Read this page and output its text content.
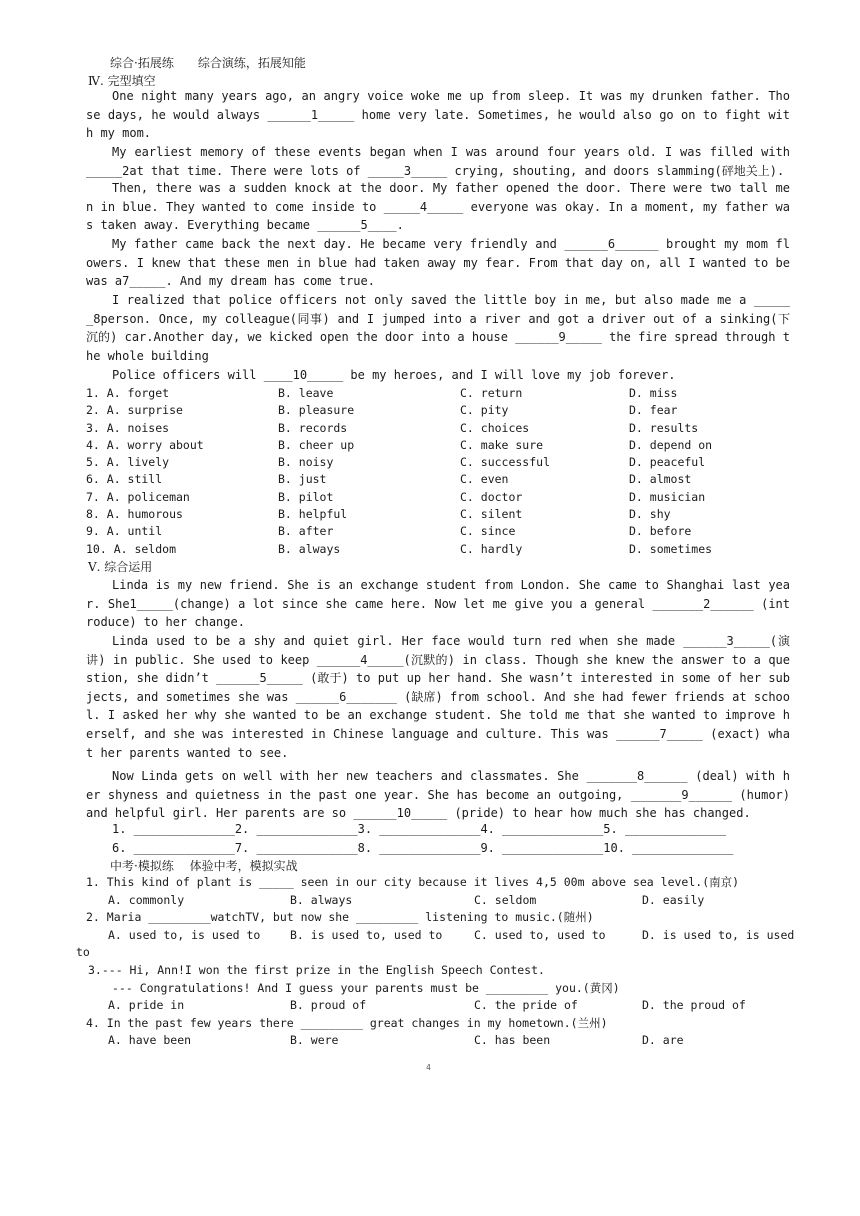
综合·拓展练　　综合演练，拓展知能
Ⅳ. 完型填空
One night many years ago, an angry voice woke me up from sleep. It was my drunken father. Those days, he would always ______1_____ home very late. Sometimes, he would also go on to fight with my mom.
My earliest memory of these events began when I was around four years old. I was filled with _____2at that time. There were lots of _____3_____ crying, shouting, and doors slamming(砰地关上).
Then, there was a sudden knock at the door. My father opened the door. There were two tall men in blue. They wanted to come inside to _____4_____ everyone was okay. In a moment, my father was taken away. Everything became ______5____.
My father came back the next day. He became very friendly and ______6______ brought my mom flowers. I knew that these men in blue had taken away my fear. From that day on, all I wanted to be was a7_____. And my dream has come true.
I realized that police officers not only saved the little boy in me, but also made me a ______8person. Once, my colleague(同事) and I jumped into a river and got a driver out of a sinking(下沉的) car.Another day, we kicked open the door into a house ______9_____ the fire spread through the whole building
Police officers will ____10_____ be my heroes, and I will love my job forever.
1. A. forget	B. leave	C. return	D. miss
2. A. surprise	B. pleasure	C. pity	D. fear
3. A. noises	B. records	C. choices	D. results
4. A. worry about	B. cheer up	C. make sure	D. depend on
5. A. lively	B. noisy	C. successful	D. peaceful
6. A. still	B. just	C. even	D. almost
7. A. policeman	B. pilot	C. doctor	D. musician
8. A. humorous	B. helpful	C. silent	D. shy
9. A. until	B. after	C. since	D. before
10. A. seldom	B. always	C. hardly	D. sometimes
Ⅴ. 综合运用
Linda is my new friend. She is an exchange student from London. She came to Shanghai last year. She1_____(change) a lot since she came here. Now let me give you a general _______2______ (introduce) to her change.
Linda used to be a shy and quiet girl. Her face would turn red when she made ______3_____(演讲) in public. She used to keep ______4_____(沉默的) in class. Though she knew the answer to a question, she didn’t ______5_____ (敢于) to put up her hand. She wasn’t interested in some of her subjects, and sometimes she was ______6_______ (缺席) from school. And she had fewer friends at school. I asked her why she wanted to be an exchange student. She told me that she wanted to improve herself, and she was interested in Chinese language and culture. This was ______7_____ (exact) what her parents wanted to see.
Now Linda gets on well with her new teachers and classmates. She _______8______ (deal) with her shyness and quietness in the past one year. She has become an outgoing, _______9______ (humor) and helpful girl. Her parents are so ______10_____ (pride) to hear how much she has changed.
1. ______________2. ______________3. ______________4. ______________5. ______________
6. ______________7. ______________8. ______________9. ______________10. ______________
中考·模拟练　 体验中考，模拟实战
1. This kind of plant is _____ seen in our city because it lives 4,5 00m above sea level.(南京)
A. commonly	B. always	C. seldom	D. easily
2. Maria _________watchTV, but now she _________ listening to music.(随州)
A. used to, is used to	B. is used to, used to	C. used to, used to	D. is used to, is used
to
3.--- Hi, Ann!I won the first prize in the English Speech Contest.
--- Congratulations! And I guess your parents must be _________ you.(黄冈)
A. pride in	B. proud of	C. the pride of	D. the proud of
4. In the past few years there _________ great changes in my hometown.(兰州)
A. have been	B. were	C. has been	D. are
4
